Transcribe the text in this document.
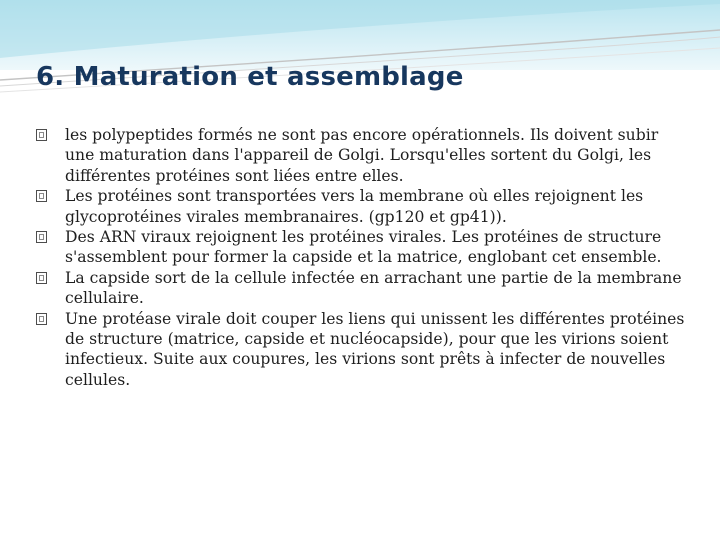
6. Maturation et assemblage
les polypeptides formés ne sont pas encore opérationnels. Ils doivent subir une maturation dans l'appareil de Golgi. Lorsqu'elles sortent du Golgi, les différentes protéines sont liées entre elles.
Les protéines sont transportées vers la membrane où elles rejoignent les glycoprotéines virales membranaires. (gp120 et gp41)).
Des ARN viraux rejoignent les protéines virales. Les protéines de structure s'assemblent pour former la capside et la matrice, englobant cet ensemble.
La capside sort de la cellule infectée en arrachant une partie de la membrane cellulaire.
Une protéase virale doit couper les liens qui unissent les différentes protéines de structure (matrice, capside et nucléocapside), pour que les virions soient infectieux. Suite aux coupures, les virions sont prêts à infecter de nouvelles cellules.
